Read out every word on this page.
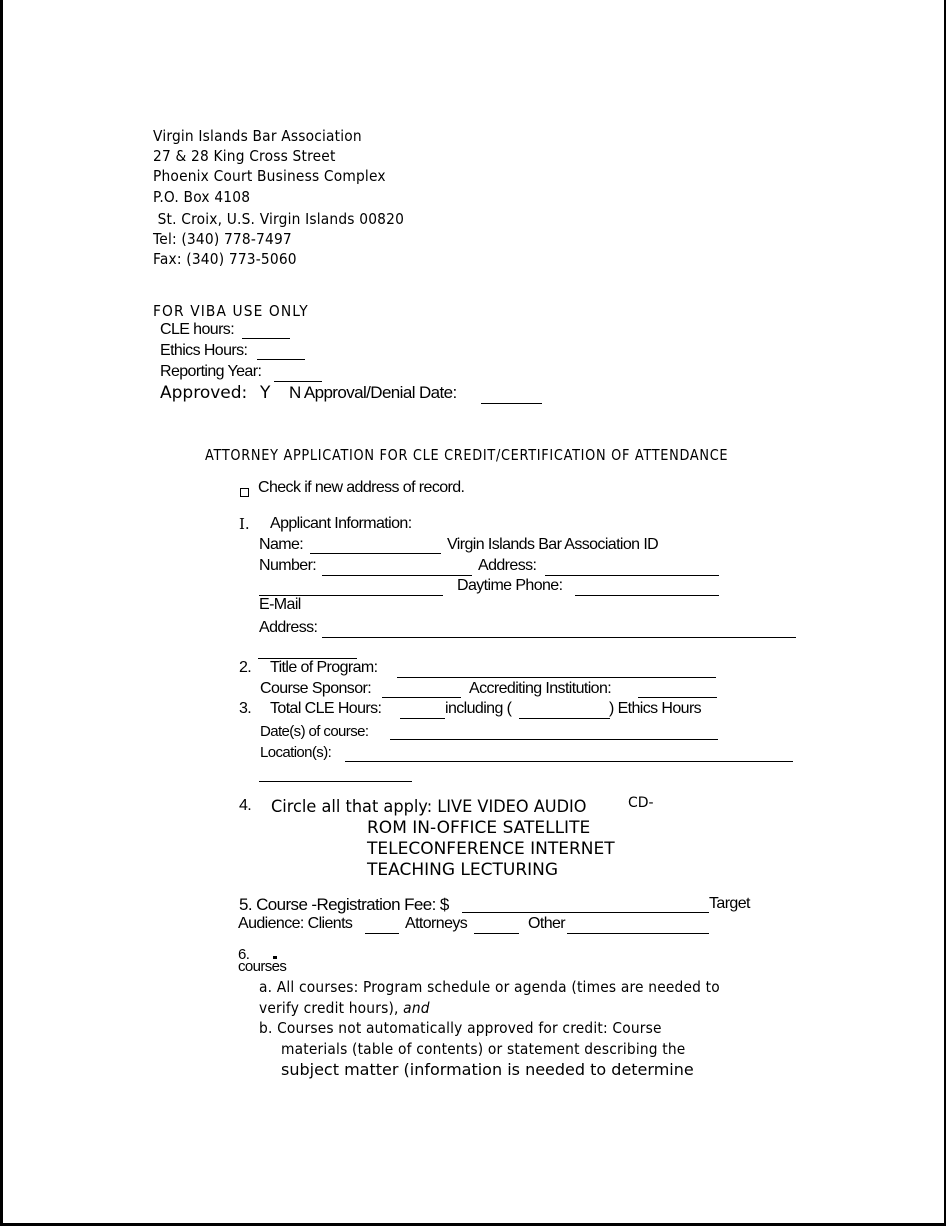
Virgin Islands Bar Association
27 & 28 King Cross Street
Phoenix Court Business Complex
P.O. Box 4108
St. Croix, U.S. Virgin Islands 00820
Tel: (340) 778-7497
Fax: (340) 773-5060
FOR VIBA USE ONLY
CLE hours:
Ethics Hours:
Reporting Year:
Approved: Y N Approval/Denial Date:
ATTORNEY APPLICATION FOR CLE CREDIT/CERTIFICATION OF ATTENDANCE
Check if new address of record.
I. Applicant Information:
Name:	Virgin Islands Bar Association ID
Number:	Address:
Daytime Phone:
E-Mail
Address:
2. Title of Program:
Course Sponsor:	Accrediting Institution:
3. Total CLE Hours:	including (	) Ethics Hours
Date(s) of course:
Location(s):
4. Circle all that apply: LIVE VIDEO AUDIO	CD-
ROM IN-OFFICE SATELLITE
TELECONFERENCE INTERNET
TEACHING LECTURING
5. Course -Registration Fee: $	Target
Audience: Clients	Attorneys	Other
6.
courses
a. All courses: Program schedule or agenda (times are needed to
verify credit hours), and
b. Courses not automatically approved for credit: Course
materials (table of contents) or statement describing the
subject matter (information is needed to determine
